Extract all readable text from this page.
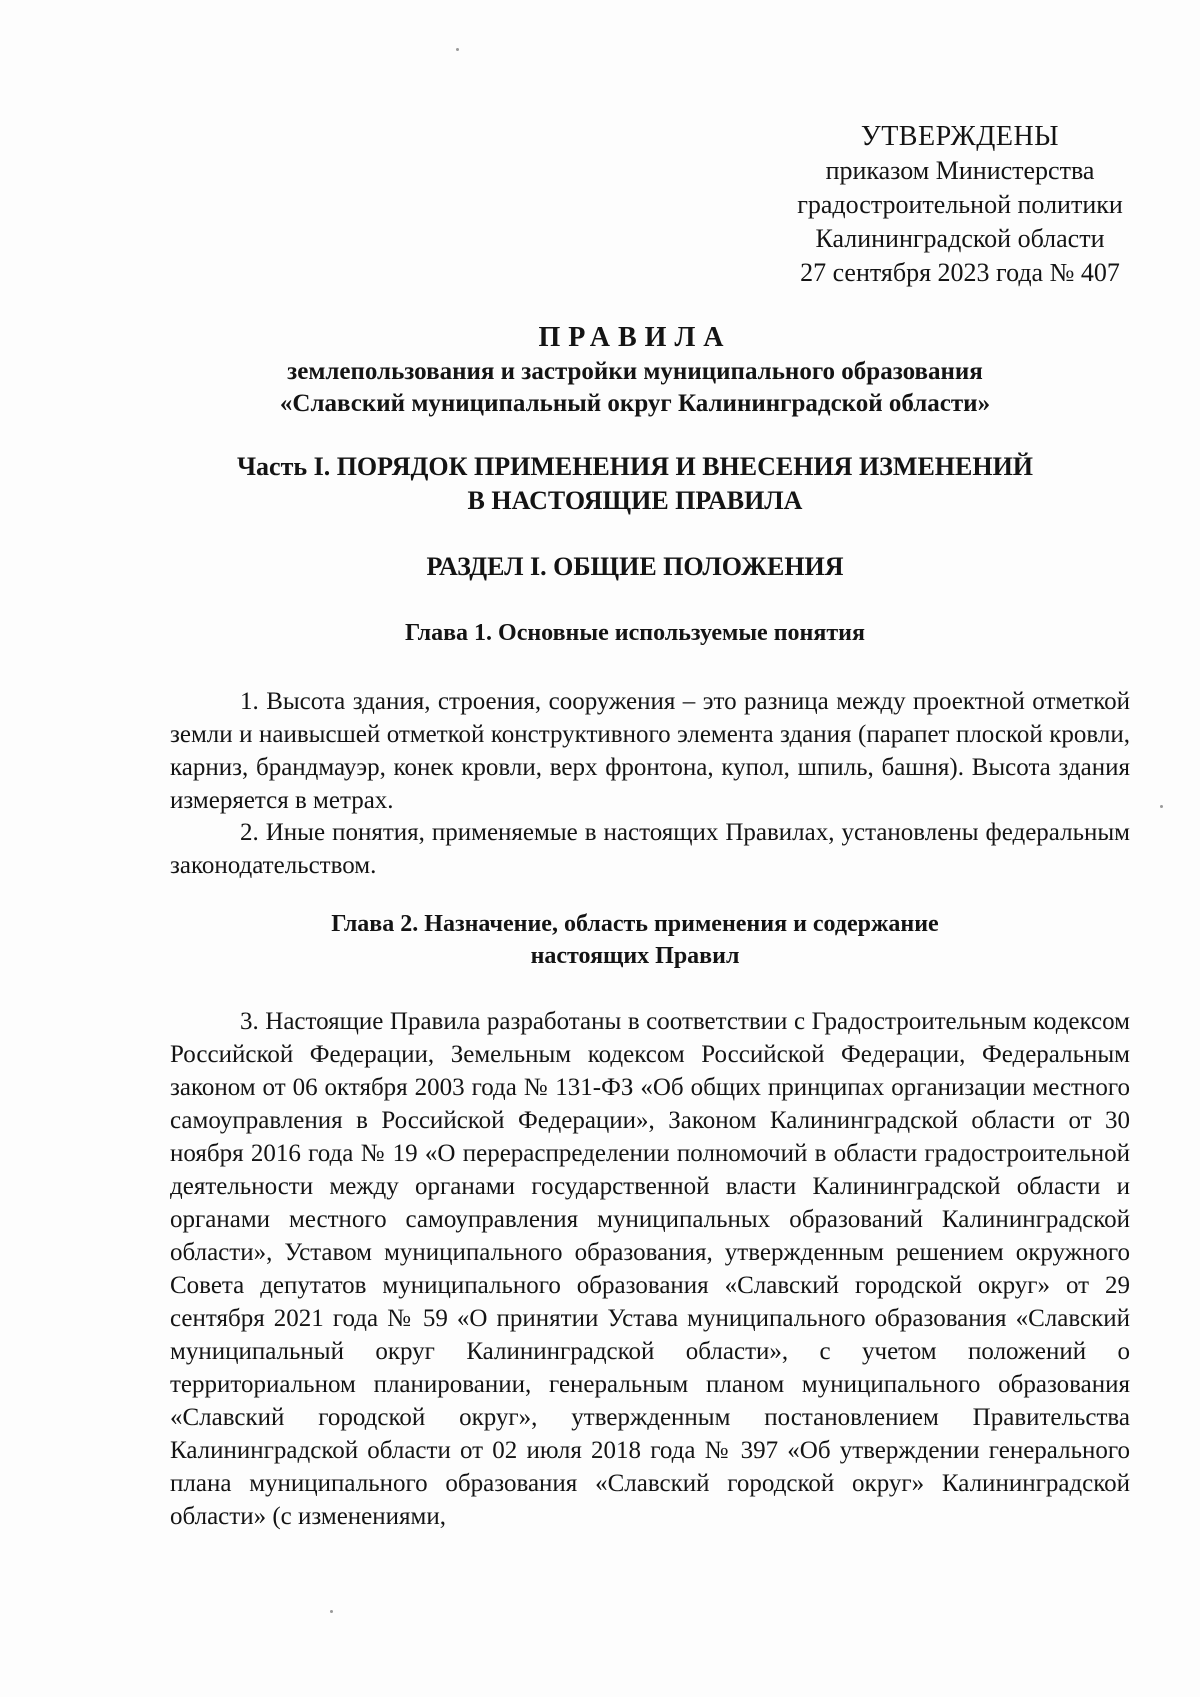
УТВЕРЖДЕНЫ
приказом Министерства
градостроительной политики
Калининградской области
27 сентября 2023 года № 407
ПРАВИЛА
землепользования и застройки муниципального образования
«Славский муниципальный округ Калининградской области»
Часть I. ПОРЯДОК ПРИМЕНЕНИЯ И ВНЕСЕНИЯ ИЗМЕНЕНИЙ
В НАСТОЯЩИЕ ПРАВИЛА
РАЗДЕЛ I. ОБЩИЕ ПОЛОЖЕНИЯ
Глава 1. Основные используемые понятия
1. Высота здания, строения, сооружения – это разница между проектной отметкой земли и наивысшей отметкой конструктивного элемента здания (парапет плоской кровли, карниз, брандмауэр, конек кровли, верх фронтона, купол, шпиль, башня). Высота здания измеряется в метрах.
2. Иные понятия, применяемые в настоящих Правилах, установлены федеральным законодательством.
Глава 2. Назначение, область применения и содержание
настоящих Правил
3. Настоящие Правила разработаны в соответствии с Градостроительным кодексом Российской Федерации, Земельным кодексом Российской Федерации, Федеральным законом от 06 октября 2003 года № 131-ФЗ «Об общих принципах организации местного самоуправления в Российской Федерации», Законом Калининградской области от 30 ноября 2016 года № 19 «О перераспределении полномочий в области градостроительной деятельности между органами государственной власти Калининградской области и органами местного самоуправления муниципальных образований Калининградской области», Уставом муниципального образования, утвержденным решением окружного Совета депутатов муниципального образования «Славский городской округ» от 29 сентября 2021 года № 59 «О принятии Устава муниципального образования «Славский муниципальный округ Калининградской области», с учетом положений о территориальном планировании, генеральным планом муниципального образования «Славский городской округ», утвержденным постановлением Правительства Калининградской области от 02 июля 2018 года № 397 «Об утверждении генерального плана муниципального образования «Славский городской округ» Калининградской области» (с изменениями,
